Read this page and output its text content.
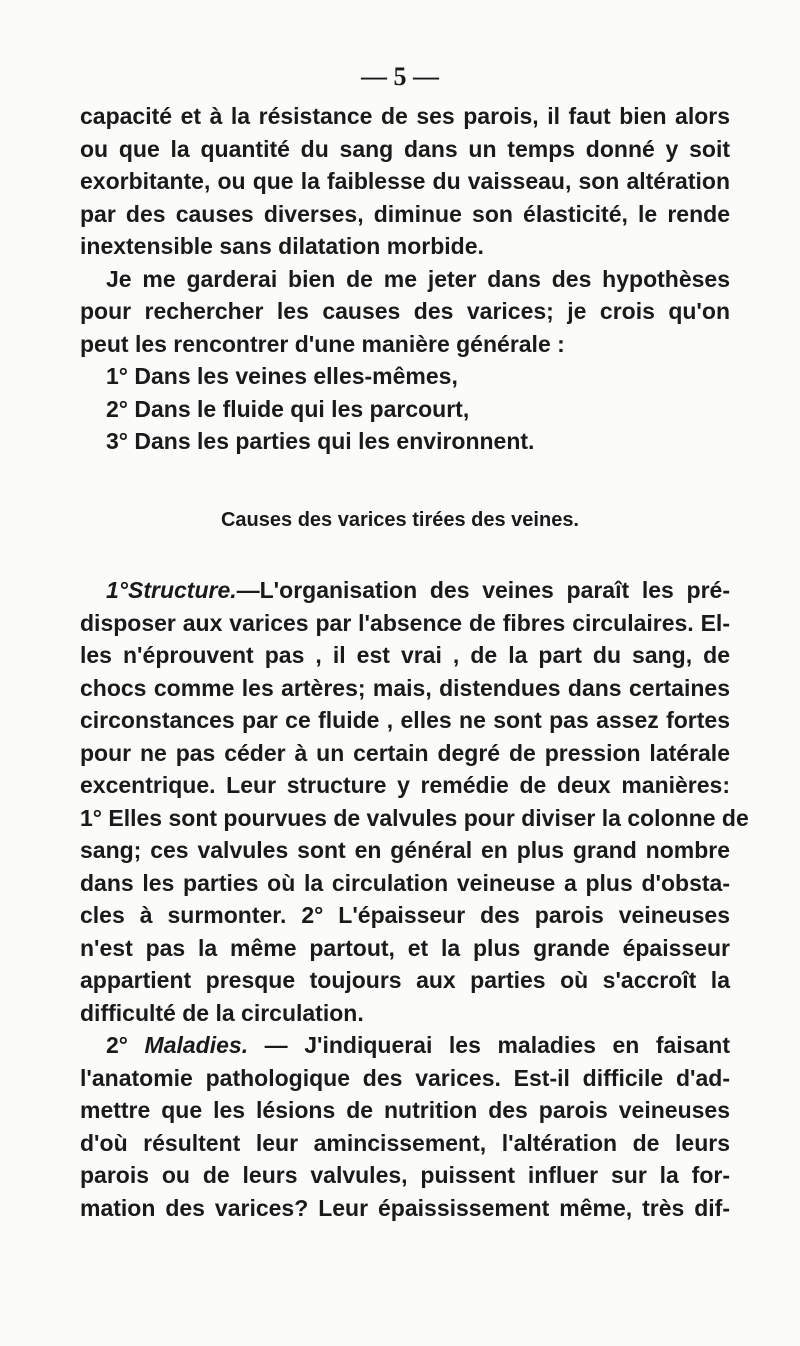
— 5 —
capacité et à la résistance de ses parois, il faut bien alors
ou que la quantité du sang dans un temps donné y soit
exorbitante, ou que la faiblesse du vaisseau, son altération
par des causes diverses, diminue son élasticité, le rende
inextensible sans dilatation morbide.
Je me garderai bien de me jeter dans des hypothèses
pour rechercher les causes des varices; je crois qu'on
peut les rencontrer d'une manière générale :
1° Dans les veines elles-mêmes,
2° Dans le fluide qui les parcourt,
3° Dans les parties qui les environnent.
Causes des varices tirées des veines.
1°Structure.—L'organisation des veines paraît les pré-
disposer aux varices par l'absence de fibres circulaires. El-
les n'éprouvent pas , il est vrai , de la part du sang, de
chocs comme les artères; mais, distendues dans certaines
circonstances par ce fluide , elles ne sont pas assez fortes
pour ne pas céder à un certain degré de pression latérale
excentrique. Leur structure y remédie de deux manières:
1° Elles sont pourvues de valvules pour diviser la colonne de
sang; ces valvules sont en général en plus grand nombre
dans les parties où la circulation veineuse a plus d'obsta-
cles à surmonter. 2° L'épaisseur des parois veineuses
n'est pas la même partout, et la plus grande épaisseur
appartient presque toujours aux parties où s'accroît la
difficulté de la circulation.
2° Maladies. — J'indiquerai les maladies en faisant
l'anatomie pathologique des varices. Est-il difficile d'ad-
mettre que les lésions de nutrition des parois veineuses
d'où résultent leur amincissement, l'altération de leurs
parois ou de leurs valvules, puissent influer sur la for-
mation des varices? Leur épaississement même, très dif-
